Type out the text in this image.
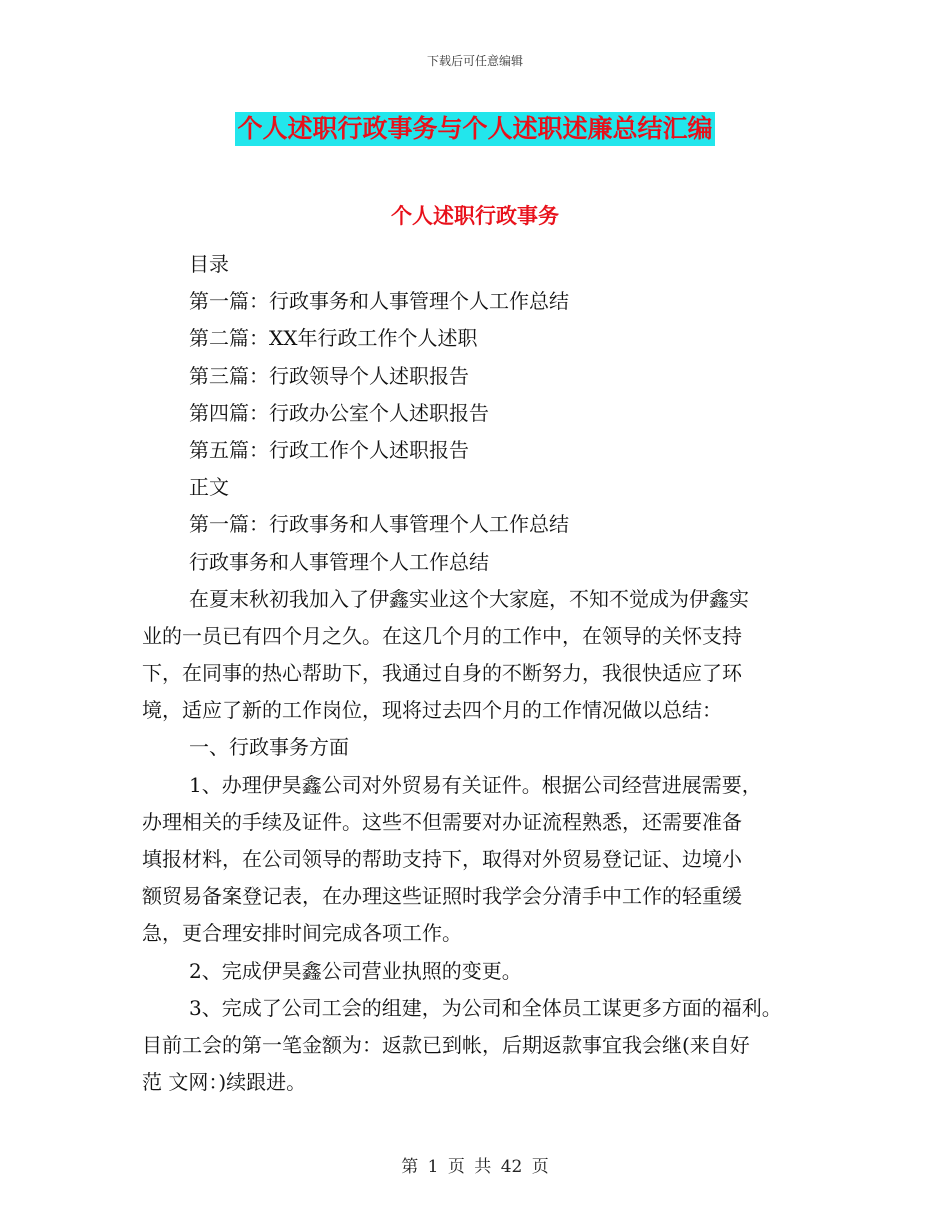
下载后可任意编辑
个人述职行政事务与个人述职述廉总结汇编
个人述职行政事务
目录
第一篇：行政事务和人事管理个人工作总结
第二篇：XX年行政工作个人述职
第三篇：行政领导个人述职报告
第四篇：行政办公室个人述职报告
第五篇：行政工作个人述职报告
正文
第一篇：行政事务和人事管理个人工作总结
行政事务和人事管理个人工作总结
在夏末秋初我加入了伊鑫实业这个大家庭，不知不觉成为伊鑫实
业的一员已有四个月之久。在这几个月的工作中，在领导的关怀支持
下，在同事的热心帮助下，我通过自身的不断努力，我很快适应了环
境，适应了新的工作岗位，现将过去四个月的工作情况做以总结：
一、行政事务方面
1、办理伊昊鑫公司对外贸易有关证件。根据公司经营进展需要，
办理相关的手续及证件。这些不但需要对办证流程熟悉，还需要准备
填报材料，在公司领导的帮助支持下，取得对外贸易登记证、边境小
额贸易备案登记表，在办理这些证照时我学会分清手中工作的轻重缓
急，更合理安排时间完成各项工作。
2、完成伊昊鑫公司营业执照的变更。
3、完成了公司工会的组建，为公司和全体员工谋更多方面的福利。
目前工会的第一笔金额为：返款已到帐，后期返款事宜我会继(来自好
范 文网：)续跟进。
第 1 页 共 42 页
